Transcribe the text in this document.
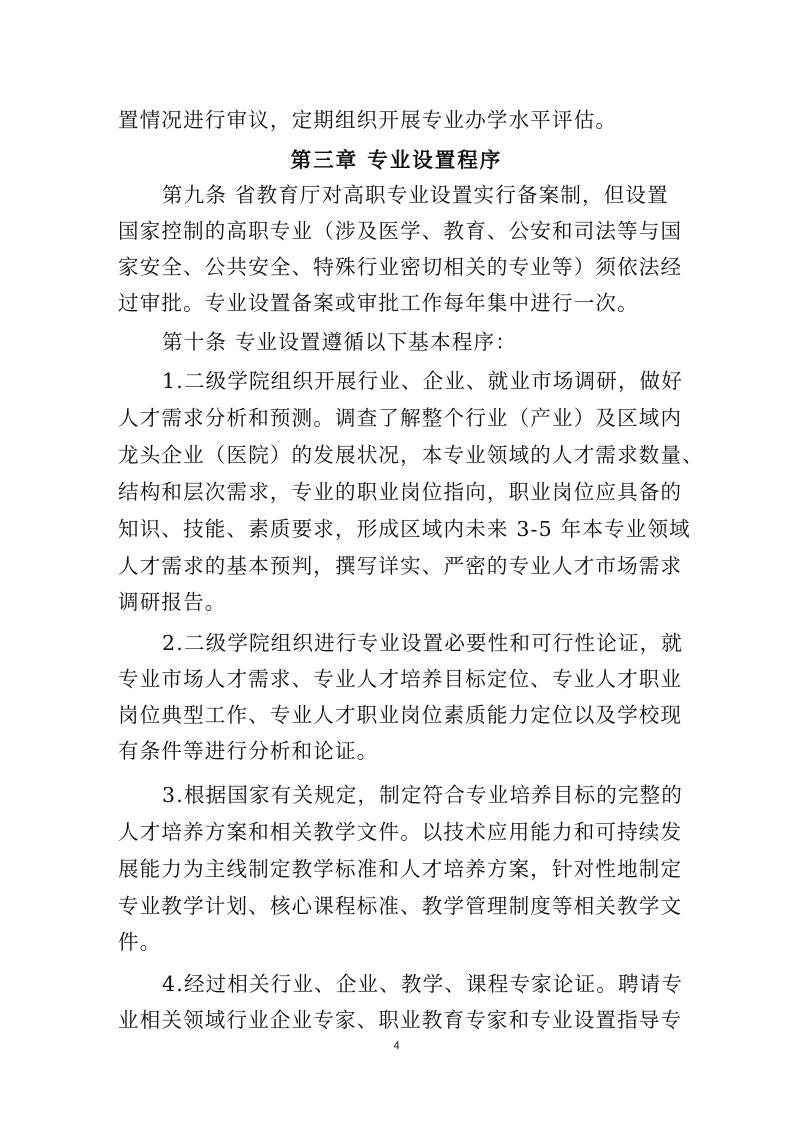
置情况进行审议，定期组织开展专业办学水平评估。
第三章 专业设置程序
第九条 省教育厅对高职专业设置实行备案制，但设置
国家控制的高职专业（涉及医学、教育、公安和司法等与国
家安全、公共安全、特殊行业密切相关的专业等）须依法经
过审批。专业设置备案或审批工作每年集中进行一次。
第十条 专业设置遵循以下基本程序：
1.二级学院组织开展行业、企业、就业市场调研，做好
人才需求分析和预测。调查了解整个行业（产业）及区域内
龙头企业（医院）的发展状况，本专业领域的人才需求数量、
结构和层次需求，专业的职业岗位指向，职业岗位应具备的
知识、技能、素质要求，形成区域内未来 3-5 年本专业领域
人才需求的基本预判，撰写详实、严密的专业人才市场需求
调研报告。
2.二级学院组织进行专业设置必要性和可行性论证，就
专业市场人才需求、专业人才培养目标定位、专业人才职业
岗位典型工作、专业人才职业岗位素质能力定位以及学校现
有条件等进行分析和论证。
3.根据国家有关规定，制定符合专业培养目标的完整的
人才培养方案和相关教学文件。以技术应用能力和可持续发
展能力为主线制定教学标准和人才培养方案，针对性地制定
专业教学计划、核心课程标准、教学管理制度等相关教学文
件。
4.经过相关行业、企业、教学、课程专家论证。聘请专
业相关领域行业企业专家、职业教育专家和专业设置指导专
4
